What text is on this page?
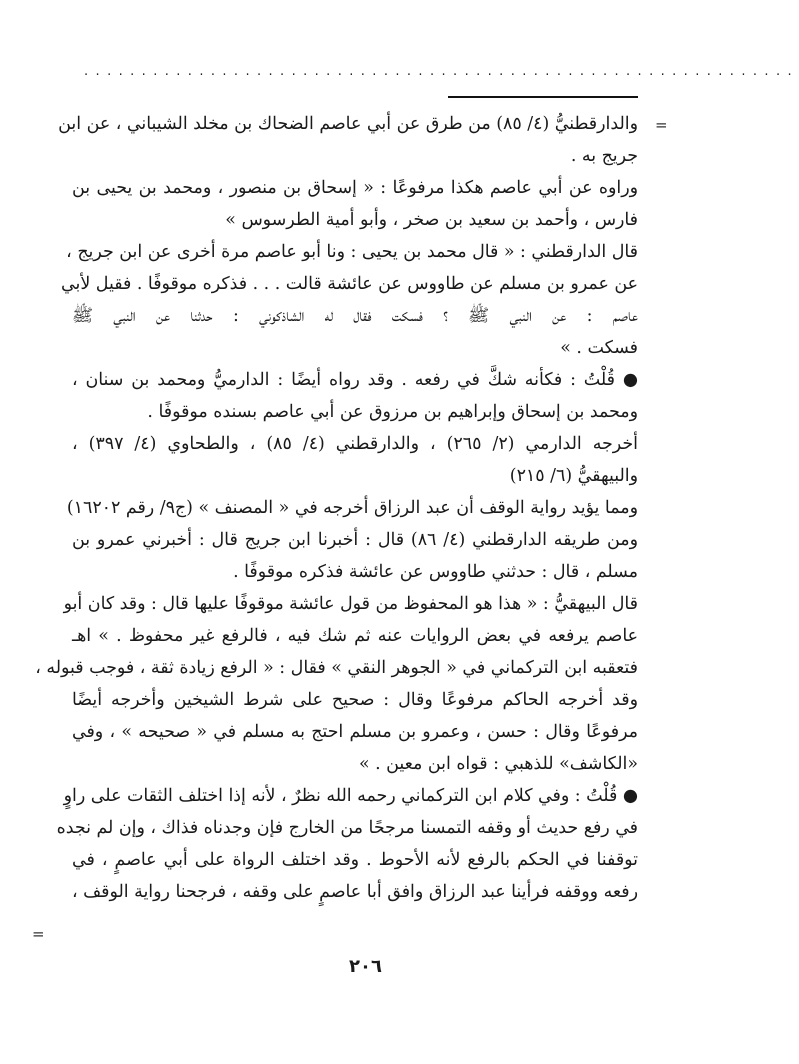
..............................................................
=
والدارقطنيُّ (٤/ ٨٥) من طرق عن أبي عاصم الضحاك بن مخلد الشيباني ، عن ابن
جريج به .
وراوه عن أبي عاصم هكذا مرفوعًا : « إسحاق بن منصور ، ومحمد بن يحيى بن
فارس ، وأحمد بن سعيد بن صخر ، وأبو أمية الطرسوس »
قال الدارقطني : « قال محمد بن يحيى : ونا أبو عاصم مرة أخرى عن ابن جريج ،
عن عمرو بن مسلم عن طاووس عن عائشة قالت . . . فذكره موقوفًا . فقيل لأبي
عاصم : عن النبي ﷺ ؟ فسكت فقال له الشاذكوني : حدثنا عن النبي ﷺ
فسكت . »
● قُلْتُ : فكأنه شكَّ في رفعه . وقد رواه أيضًا : الدارميُّ ومحمد بن سنان ،
ومحمد بن إسحاق وإبراهيم بن مرزوق عن أبي عاصم بسنده موقوفًا .
أخرجه الدارمي (٢/ ٢٦٥) ، والدارقطني (٤/ ٨٥) ، والطحاوي (٤/ ٣٩٧) ،
والبيهقيُّ (٦/ ٢١٥)
ومما يؤيد رواية الوقف أن عبد الرزاق أخرجه في « المصنف » (ج٩/ رقم ١٦٢٠٢)
ومن طريقه الدارقطني (٤/ ٨٦) قال : أخبرنا ابن جريج قال : أخبرني عمرو بن
مسلم ، قال : حدثني طاووس عن عائشة فذكره موقوفًا .
قال البيهقيُّ : « هذا هو المحفوظ من قول عائشة موقوفًا عليها قال : وقد كان أبو
عاصم يرفعه في بعض الروايات عنه ثم شك فيه ، فالرفع غير محفوظ . » اهـ
فتعقبه ابن التركماني في « الجوهر النقي » فقال : « الرفع زيادة ثقة ، فوجب قبوله ،
وقد أخرجه الحاكم مرفوعًا وقال : صحيح على شرط الشيخين وأخرجه أيضًا
مرفوعًا وقال : حسن ، وعمرو بن مسلم احتج به مسلم في « صحيحه » ، وفي
«الكاشف» للذهبي : قواه ابن معين . »
● قُلْتُ : وفي كلام ابن التركماني رحمه الله نظرٌ ، لأنه إذا اختلف الثقات على راوٍ
في رفع حديث أو وقفه التمسنا مرجحًا من الخارج فإن وجدناه فذاك ، وإن لم نجده
توقفنا في الحكم بالرفع لأنه الأحوط . وقد اختلف الرواة على أبي عاصمٍ ، في
رفعه ووقفه فرأينا عبد الرزاق وافق أبا عاصمٍ على وقفه ، فرجحنا رواية الوقف ،
=
٢٠٦
